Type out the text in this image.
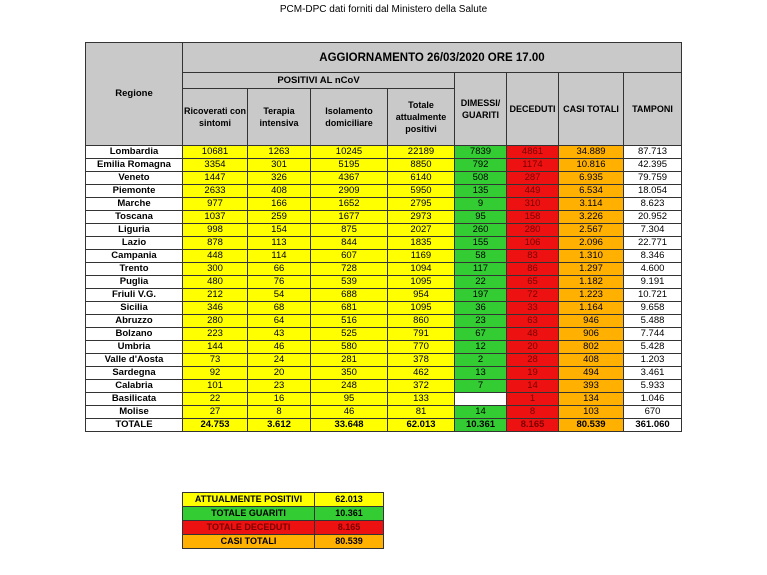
PCM-DPC dati forniti dal Ministero della Salute
Regione	AGGIORNAMENTO 26/03/2020 ORE 17.00							
	POSITIVI AL nCoV				DIMESSI/ GUARITI	DECEDUTI	CASI TOTALI	TAMPONI
	Ricoverati con sintomi	Terapia intensiva	Isolamento domiciliare	Totale attualmente positivi				
Lombardia	10681	1263	10245	22189	7839	4861	34.889	87.713
Emilia Romagna	3354	301	5195	8850	792	1174	10.816	42.395
Veneto	1447	326	4367	6140	508	287	6.935	79.759
Piemonte	2633	408	2909	5950	135	449	6.534	18.054
Marche	977	166	1652	2795	9	310	3.114	8.623
Toscana	1037	259	1677	2973	95	158	3.226	20.952
Liguria	998	154	875	2027	260	280	2.567	7.304
Lazio	878	113	844	1835	155	106	2.096	22.771
Campania	448	114	607	1169	58	83	1.310	8.346
Trento	300	66	728	1094	117	86	1.297	4.600
Puglia	480	76	539	1095	22	65	1.182	9.191
Friuli V.G.	212	54	688	954	197	72	1.223	10.721
Sicilia	346	68	681	1095	36	33	1.164	9.658
Abruzzo	280	64	516	860	23	63	946	5.488
Bolzano	223	43	525	791	67	48	906	7.744
Umbria	144	46	580	770	12	20	802	5.428
Valle d'Aosta	73	24	281	378	2	28	408	1.203
Sardegna	92	20	350	462	13	19	494	3.461
Calabria	101	23	248	372	7	14	393	5.933
Basilicata	22	16	95	133		1	134	1.046
Molise	27	8	46	81	14	8	103	670
TOTALE	24.753	3.612	33.648	62.013	10.361	8.165	80.539	361.060
ATTUALMENTE POSITIVI	62.013
TOTALE GUARITI	10.361
TOTALE DECEDUTI	8.165
CASI TOTALI	80.539
